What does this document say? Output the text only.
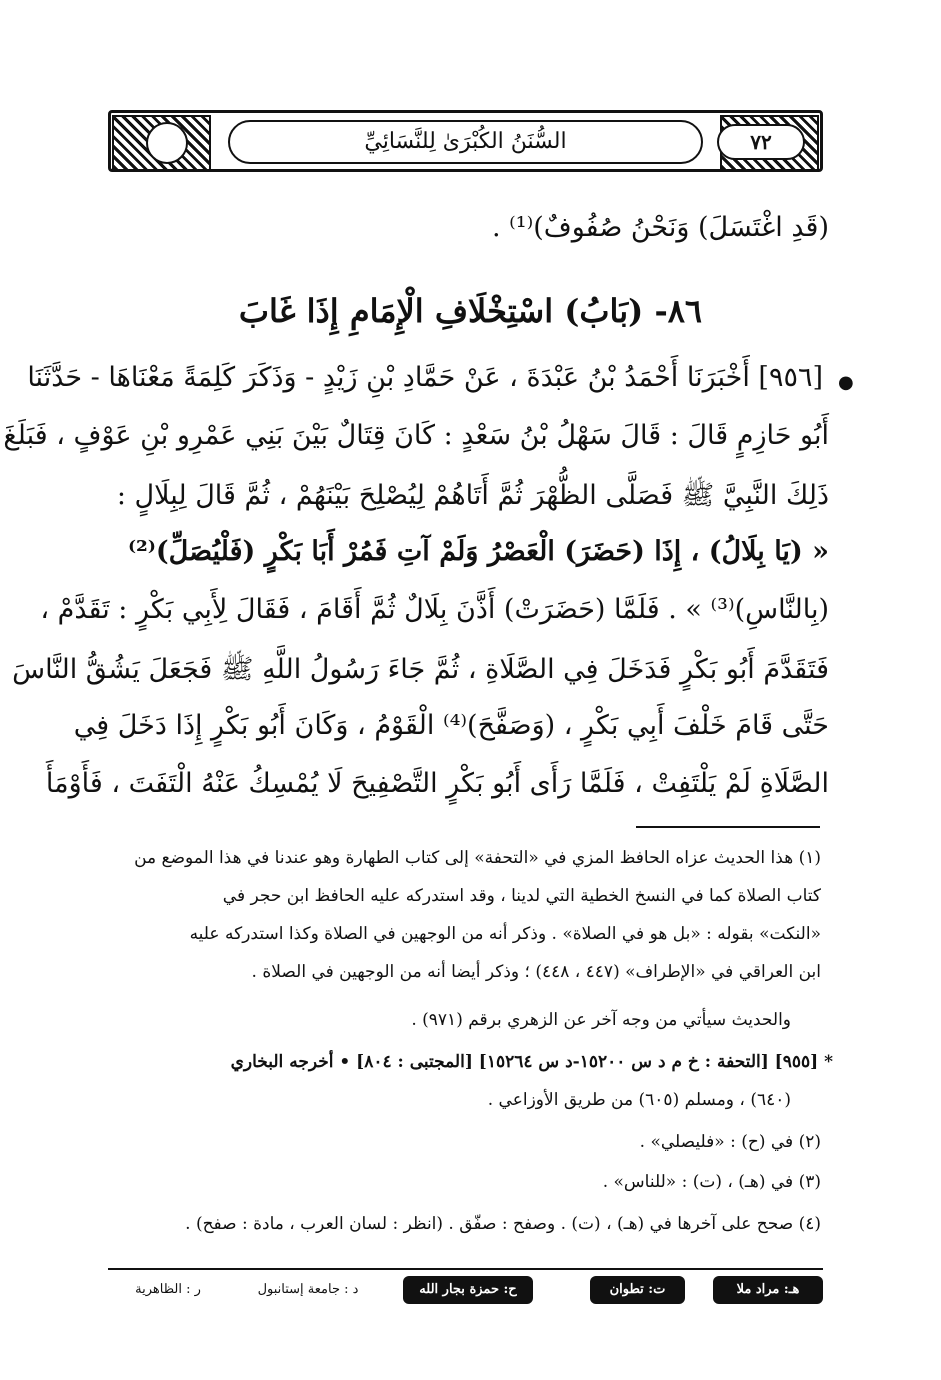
السُّنَنُ الكُبْرَىٰ لِلنَّسَائِيِّ	٧٢
(قَدِ اغْتَسَلَ) وَنَحْنُ صُفُوفٌ)⁽¹⁾ .
٨٦- (بَابُ) اسْتِخْلَافِ الْإِمَامِ إِذَا غَابَ
●
[٩٥٦] أَخْبَرَنَا أَحْمَدُ بْنُ عَبْدَةَ ، عَنْ حَمَّادِ بْنِ زَيْدٍ - وَذَكَرَ كَلِمَةً مَعْنَاهَا - حَدَّثَنَا
أَبُو حَازِمٍ قَالَ : قَالَ سَهْلُ بْنُ سَعْدٍ : كَانَ قِتَالٌ بَيْنَ بَنِي عَمْرِو بْنِ عَوْفٍ ، فَبَلَغَ
ذَلِكَ النَّبِيَّ ﷺ فَصَلَّى الظُّهْرَ ثُمَّ أَتَاهُمْ لِيُصْلِحَ بَيْنَهُمْ ، ثُمَّ قَالَ لِبِلَالٍ :
« (يَا بِلَالُ) ، إِذَا (حَضَرَ) الْعَصْرُ وَلَمْ آتِ فَمُرْ أَبَا بَكْرٍ (فَلْيُصَلِّ)⁽²⁾
(بِالنَّاسِ)⁽³⁾ » . فَلَمَّا (حَضَرَتْ) أَذَّنَ بِلَالٌ ثُمَّ أَقَامَ ، فَقَالَ لِأَبِي بَكْرٍ : تَقَدَّمْ ،
فَتَقَدَّمَ أَبُو بَكْرٍ فَدَخَلَ فِي الصَّلَاةِ ، ثُمَّ جَاءَ رَسُولُ اللَّهِ ﷺ فَجَعَلَ يَشُقُّ النَّاسَ
حَتَّى قَامَ خَلْفَ أَبِي بَكْرٍ ، (وَصَفَّحَ)⁽⁴⁾ الْقَوْمُ ، وَكَانَ أَبُو بَكْرٍ إِذَا دَخَلَ فِي
الصَّلَاةِ لَمْ يَلْتَفِتْ ، فَلَمَّا رَأَى أَبُو بَكْرٍ التَّصْفِيحَ لَا يُمْسِكُ عَنْهُ الْتَفَتَ ، فَأَوْمَأَ
(١) هذا الحديث عزاه الحافظ المزي في «التحفة» إلى كتاب الطهارة وهو عندنا في هذا الموضع من
كتاب الصلاة كما في النسخ الخطية التي لدينا ، وقد استدركه عليه الحافظ ابن حجر في
«النكت» بقوله : «بل هو في الصلاة» . وذكر أنه من الوجهين في الصلاة وكذا استدركه عليه
ابن العراقي في «الإطراف» (٤٤٧ ، ٤٤٨) ؛ وذكر أيضا أنه من الوجهين في الصلاة .
والحديث سيأتي من وجه آخر عن الزهري برقم (٩٧١) .
* [٩٥٥] [التحفة : خ م د س ١٥٢٠٠-د س ١٥٢٦٤] [المجتبى : ٨٠٤] • أخرجه البخاري
(٦٤٠) ، ومسلم (٦٠٥) من طريق الأوزاعي .
(٢) في (ح) : «فليصلي» .
(٣) في (هـ) ، (ت) : «للناس» .
(٤) صحح على آخرها في (هـ) ، (ت) . وصفح : صفّق . (انظر : لسان العرب ، مادة : صفح) .
هـ: مراد ملا
ت: تطوان
ح: حمزة بجار الله
د : جامعة إستانبول
ر : الظاهرية
